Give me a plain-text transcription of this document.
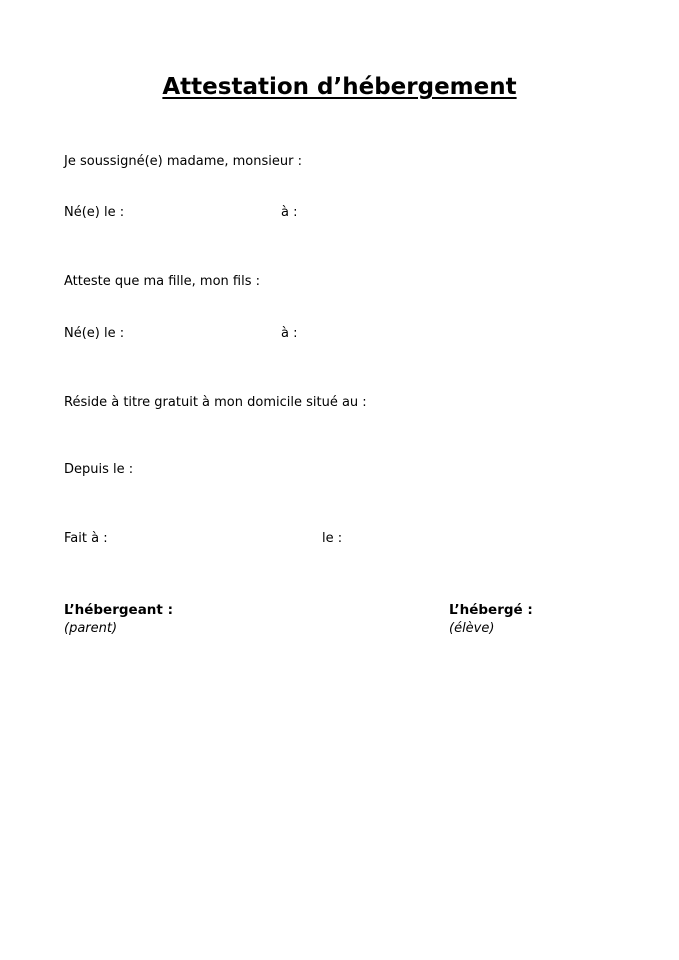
Attestation d’hébergement
Je soussigné(e) madame, monsieur :
Né(e) le :	à :
Atteste que ma fille, mon fils :
Né(e) le :	à :
Réside à titre gratuit à mon domicile situé au :
Depuis le :
Fait à :	le :
L’hébergeant :
(parent)
L’hébergé :
(élève)
